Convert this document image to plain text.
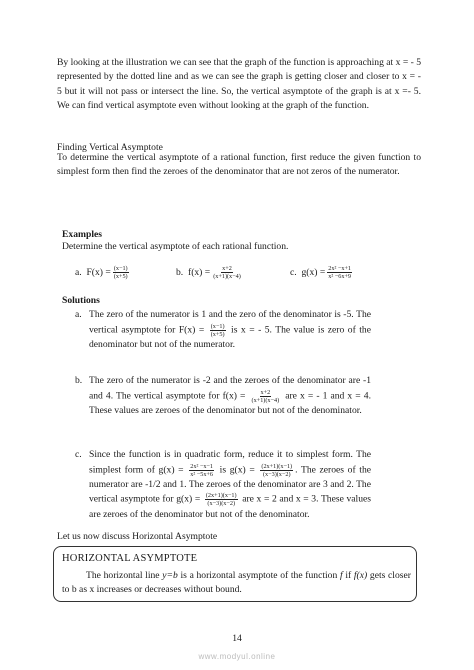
By looking at the illustration we can see that the graph of the function is approaching at x = - 5 represented by the dotted line and as we can see the graph is getting closer and closer to x = - 5 but it will not pass or intersect the line. So, the vertical asymptote of the graph is at x =- 5. We can find vertical asymptote even without looking at the graph of the function.
Finding Vertical Asymptote
To determine the vertical asymptote of a rational function, first reduce the given function to simplest form then find the zeroes of the denominator that are not zeros of the numerator.
Examples
Determine the vertical asymptote of each rational function.
a.
$F(x) = \frac{(x-1)}{(x+5)}$	b.
$f(x) = \frac{x+2}{(x+1)(x-4)}$	c.
$g(x) = \frac{\text{2x² −x+1}}{\text{x² −6x+9}}$
Solutions
a. The zero of the numerator is 1 and the zero of the denominator is -5. The vertical asymptote for $F(x) = \frac{(x-1)}{(x+5)}$ is x = - 5. The value is zero of the denominator but not of the numerator.
b. The zero of the numerator is -2 and the zeroes of the denominator are -1 and 4. The vertical asymptote for $f(x) = \frac{x+2}{(x+1)(x-4)}$ are x = - 1 and x = 4. These values are zeroes of the denominator but not of the denominator.
c. Since the function is in quadratic form, reduce it to simplest form. The simplest form of $g(x) = \frac{\text{2x² −x−1}}{\text{x² −5x+6}}$ is $g(x) = \frac{(2x+1)(x-1)}{(x-3)(x-2)}$ . The zeroes of the numerator are -1/2 and 1. The zeroes of the denominator are 3 and 2. The vertical asymptote for $g(x) = \frac{(2x+1)(x-1)}{(x-3)(x-2)}$ are x = 2 and x = 3. These values are zeroes of the denominator but not of the denominator.
Let us now discuss Horizontal Asymptote
HORIZONTAL ASYMPTOTE
The horizontal line y=b is a horizontal asymptote of the function f if f(x) gets closer to b as x increases or decreases without bound.
14
www.modyul.online
